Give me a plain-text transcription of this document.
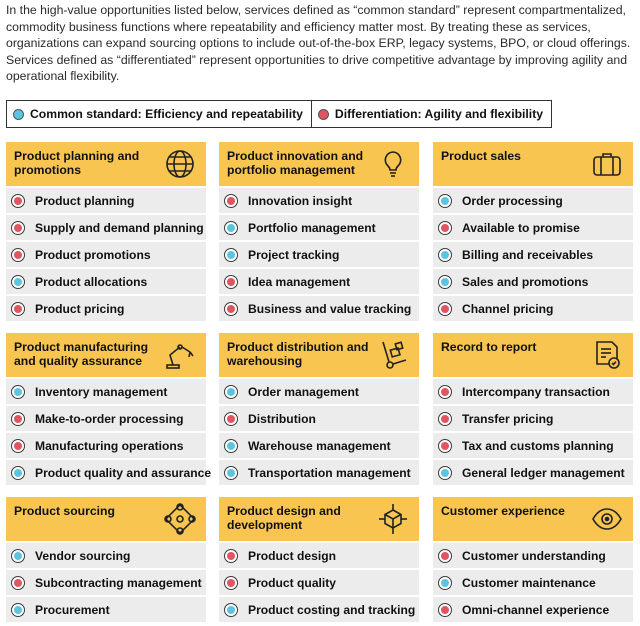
In the high-value opportunities listed below, services defined as “common standard” represent compartmentalized, commodity business functions where repeatability and efficiency matter most. By treating these as services, organizations can expand sourcing options to include out-of-the-box ERP, legacy systems, BPO, or cloud offerings. Services defined as “differentiated” represent opportunities to drive competitive advantage by improving agility and operational flexibility.
Common standard: Efficiency and repeatability	Differentiation: Agility and flexibility
Product planning and promotions
Product planning
Supply and demand planning
Product promotions
Product allocations
Product pricing
Product innovation and portfolio management
Innovation insight
Portfolio management
Project tracking
Idea management
Business and value tracking
Product sales
Order processing
Available to promise
Billing and receivables
Sales and promotions
Channel pricing
Product manufacturing and quality assurance
Inventory management
Make-to-order processing
Manufacturing operations
Product quality and assurance
Product distribution and warehousing
Order management
Distribution
Warehouse management
Transportation management
Record to report
Intercompany transaction
Transfer pricing
Tax and customs planning
General ledger management
Product sourcing
Vendor sourcing
Subcontracting management
Procurement
Product design and development
Product design
Product quality
Product costing and tracking
Customer experience
Customer understanding
Customer maintenance
Omni-channel experience
